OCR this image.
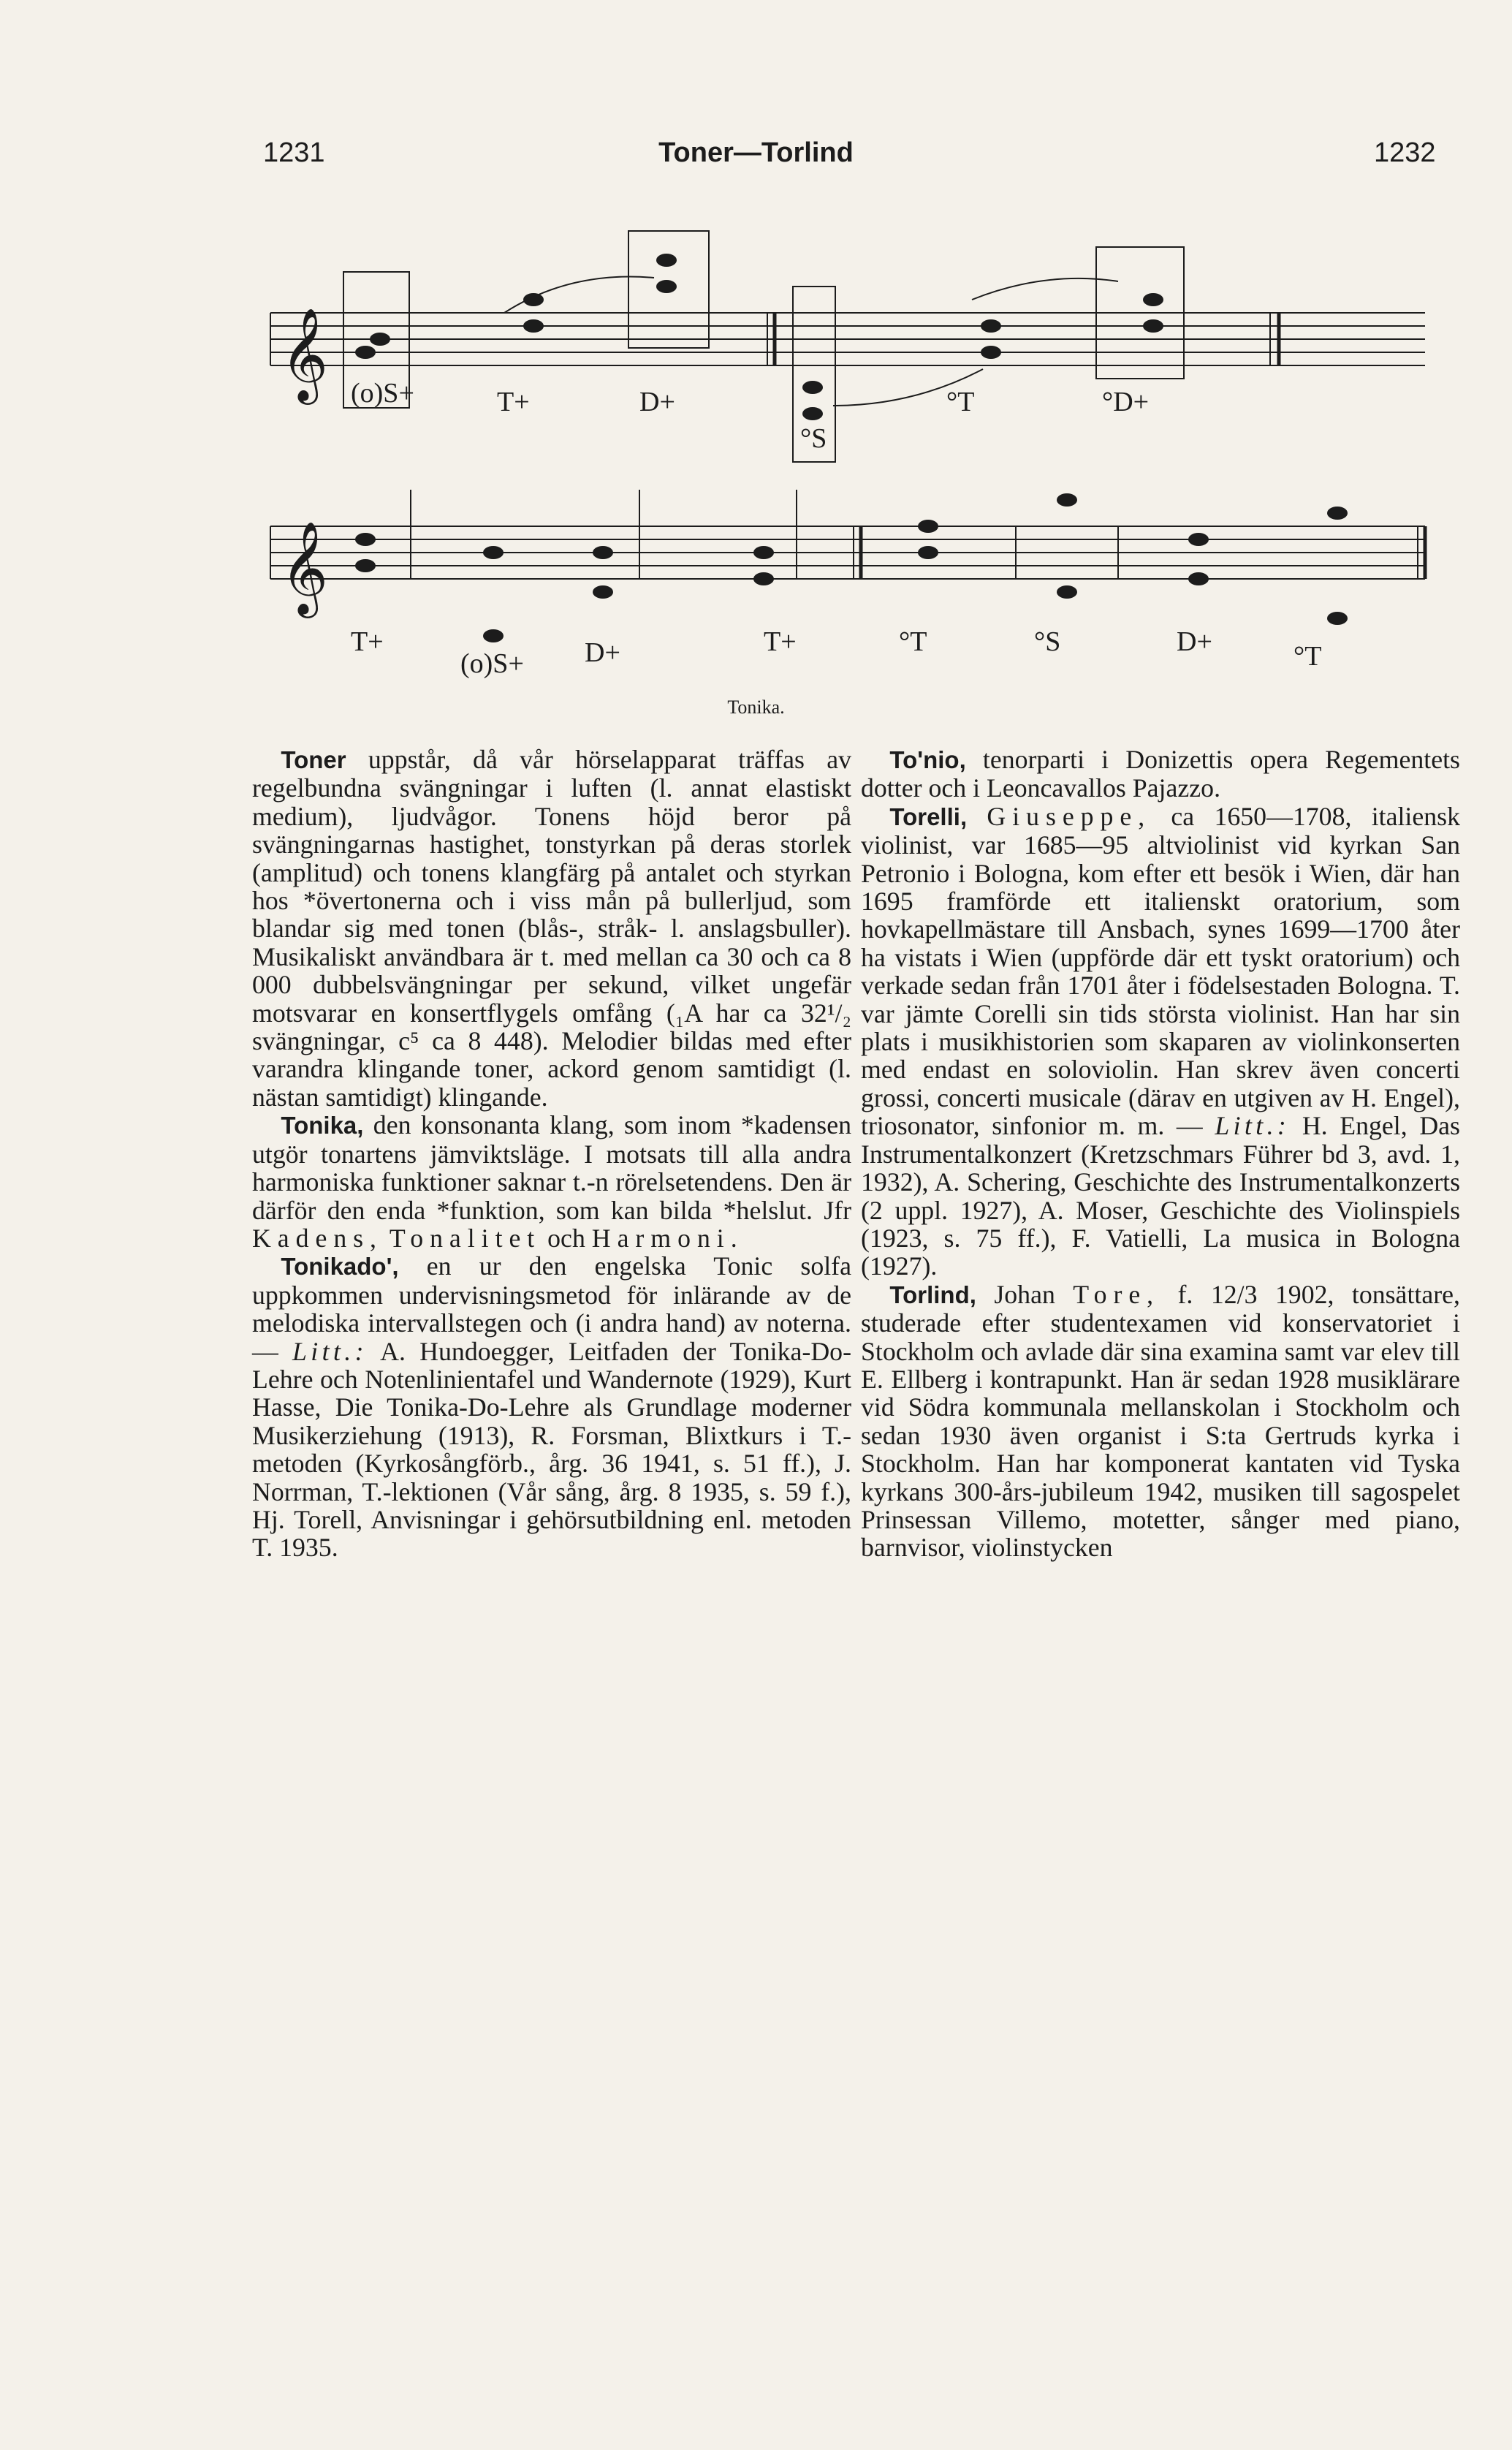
1231	Toner—Torlind	1232
𝄞
𝄞
(o)S+	T+	D+
°S
°T	°D+
T+
(o)S+ D+	T+	°T	°S	D+	°T
Tonika.

Toner uppstår, då vår hörselapparat träffas av regelbundna svängningar i luften (l. annat elastiskt medium), ljudvågor. Tonens höjd beror på svängningarnas hastighet, tonstyrkan på deras storlek (amplitud) och tonens klangfärg på antalet och styrkan hos *övertonerna och i viss mån på bullerljud, som blandar sig med tonen (blås-, stråk- l. anslagsbuller). Musikaliskt användbara är t. med mellan ca 30 och ca 8 000 dubbelsvängningar per sekund, vilket ungefär motsvarar en konsertflygels omfång (₁A har ca 32¹/₂ svängningar, c⁵ ca 8 448). Melodier bildas med efter varandra klingande toner, ackord genom samtidigt (l. nästan samtidigt) klingande.

Tonika, den konsonanta klang, som inom *kadensen utgör tonartens jämviktsläge. I motsats till alla andra harmoniska funktioner saknar t.-n rörelsetendens. Den är därför den enda *funktion, som kan bilda *helslut. Jfr Kadens, Tonalitet och Harmoni.

Tonikado', en ur den engelska Tonic solfa uppkommen undervisningsmetod för inlärande av de melodiska intervallstegen och (i andra hand) av noterna. — Litt.: A. Hundoegger, Leitfaden der Tonika-Do-Lehre och Notenlinientafel und Wandernote (1929), Kurt Hasse, Die Tonika-Do-Lehre als Grundlage moderner Musikerziehung (1913), R. Forsman, Blixtkurs i T.-metoden (Kyrkosångförb., årg. 36 1941, s. 51 ff.), J. Norrman, T.-lektionen (Vår sång, årg. 8 1935, s. 59 f.), Hj. Torell, Anvisningar i gehörsutbildning enl. metoden T. 1935.

To'nio, tenorparti i Donizettis opera Regementets dotter och i Leoncavallos Pajazzo.

Torelli, Giuseppe, ca 1650—1708, italiensk violinist, var 1685—95 altviolinist vid kyrkan San Petronio i Bologna, kom efter ett besök i Wien, där han 1695 framförde ett italienskt oratorium, som hovkapellmästare till Ansbach, synes 1699—1700 åter ha vistats i Wien (uppförde där ett tyskt oratorium) och verkade sedan från 1701 åter i födelsestaden Bologna. T. var jämte Corelli sin tids största violinist. Han har sin plats i musikhistorien som skaparen av violinkonserten med endast en soloviolin. Han skrev även concerti grossi, concerti musicale (därav en utgiven av H. Engel), triosonator, sinfonior m. m. — Litt.: H. Engel, Das Instrumentalkonzert (Kretzschmars Führer bd 3, avd. 1, 1932), A. Schering, Geschichte des Instrumentalkonzerts (2 uppl. 1927), A. Moser, Geschichte des Violinspiels (1923, s. 75 ff.), F. Vatielli, La musica in Bologna (1927).

Torlind, Johan Tore, f. 12/3 1902, tonsättare, studerade efter studentexamen vid konservatoriet i Stockholm och avlade där sina examina samt var elev till E. Ellberg i kontrapunkt. Han är sedan 1928 musiklärare vid Södra kommunala mellanskolan i Stockholm och sedan 1930 även organist i S:ta Gertruds kyrka i Stockholm. Han har komponerat kantaten vid Tyska kyrkans 300-års-jubileum 1942, musiken till sagospelet Prinsessan Villemo, motetter, sånger med piano, barnvisor, violinstycken
